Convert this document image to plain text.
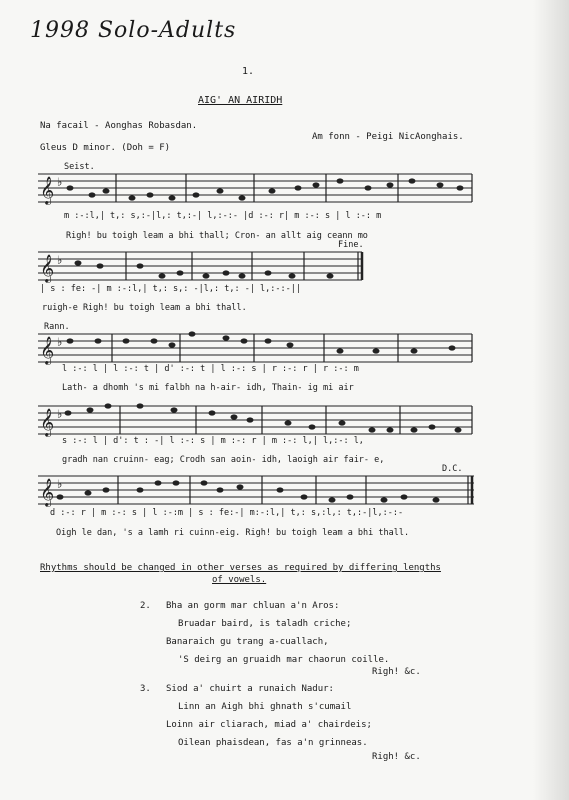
1998 Solo-Adults
1.
AIG' AN AIRIDH
Na facail - Aonghas Robasdan.
Am fonn - Peigi NicAonghais.
Gleus D minor. (Doh = F)
Seist.
𝄞 ♭
m :-:l,| t,: s,:-|l,: t,:-| l,:-:- |d :-: r| m :-: s | l :-: m
Righ! bu toigh leam a bhi thall; Cron- an allt aig ceann mo
Fine.
𝄞 ♭
| s : fe: -| m :-:l,| t,: s,: -|l,: t,: -| l,:-:-||
ruigh-e Righ! bu toigh leam a bhi thall.
Rann.
𝄞 ♭
l :-: l | l :-: t | d' :-: t | l :-: s | r :-: r | r :-: m
Lath- a dhomh 's mi falbh na h-air- idh, Thain- ig mi air
𝄞 ♭
s :-: l | d': t : -| l :-: s | m :-: r | m :-: l,| l,:-: l,
gradh nan cruinn- eag; Crodh san aoin- idh, laoigh air fair- e,
D.C.
𝄞 ♭
d :-: r | m :-: s | l :-:m | s : fe:-| m:-:l,| t,: s,:l,: t,:-|l,:-:-
Oigh le dan, 's a lamh ri cuinn-eig. Righ! bu toigh leam a bhi thall.
Rhythms should be changed in other verses as required by differing lengths
of vowels.
2. Bha an gorm mar chluan a'n Aros:
Bruadar baird, is taladh criche;
Banaraich gu trang a-cuallach,
'S deirg an gruaidh mar chaorun coille.
Righ! &c.
3. Siod a' chuirt a runaich Nadur:
Linn an Aigh bhi ghnath s'cumail
Loinn air cliarach, miad a' chairdeis;
Oilean phaisdean, fas a'n grinneas.
Righ! &c.
